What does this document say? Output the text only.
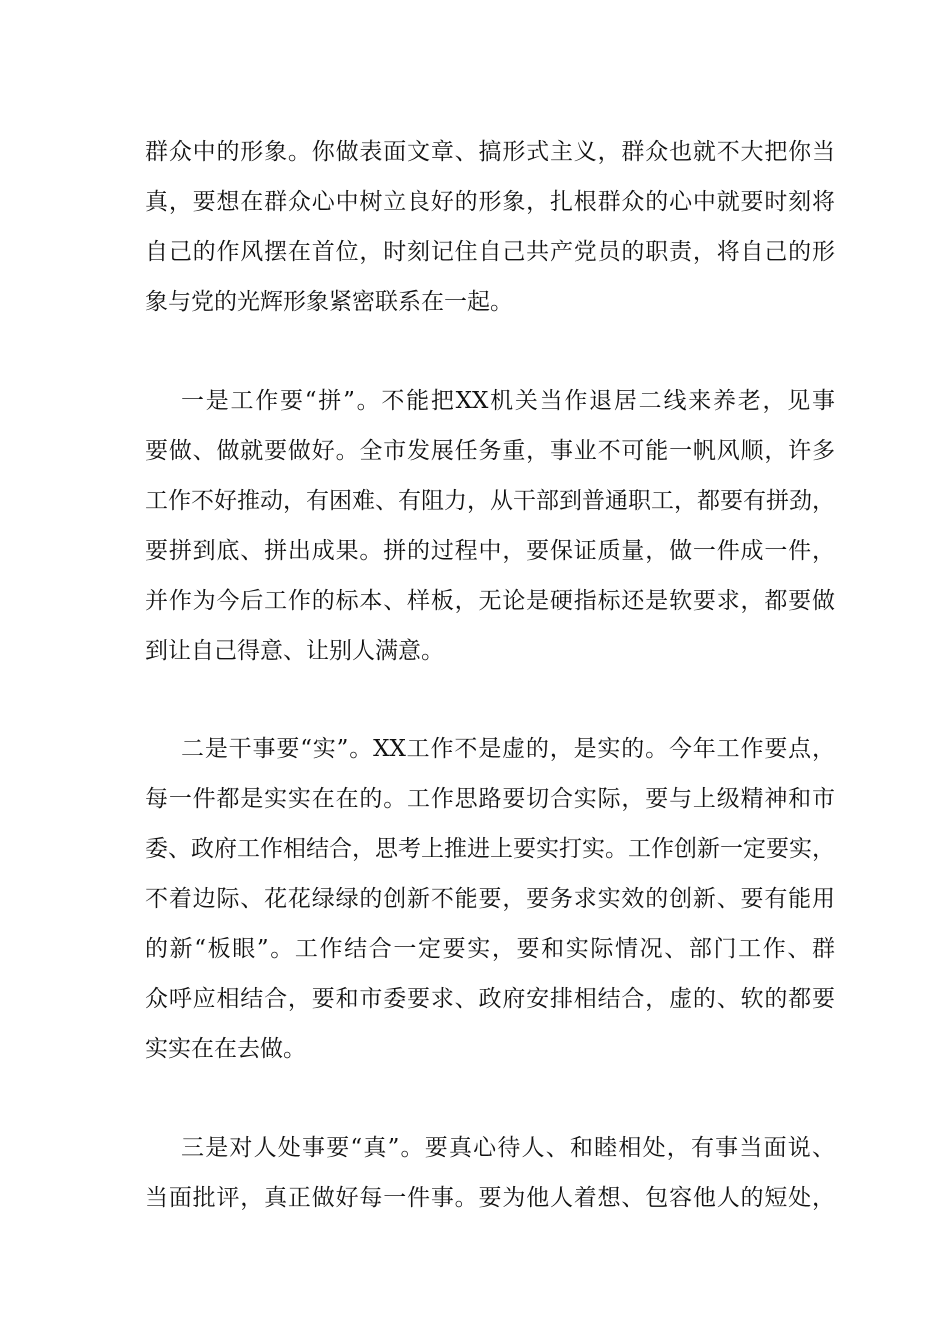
群众中的形象。你做表面文章、搞形式主义，群众也就不大把你当
真，要想在群众心中树立良好的形象，扎根群众的心中就要时刻将
自己的作风摆在首位，时刻记住自己共产党员的职责，将自己的形
象与党的光辉形象紧密联系在一起。
一是工作要“拼”。不能把XX机关当作退居二线来养老，见事
要做、做就要做好。全市发展任务重，事业不可能一帆风顺，许多
工作不好推动，有困难、有阻力，从干部到普通职工，都要有拼劲，
要拼到底、拼出成果。拼的过程中，要保证质量，做一件成一件，
并作为今后工作的标本、样板，无论是硬指标还是软要求，都要做
到让自己得意、让别人满意。
二是干事要“实”。XX工作不是虚的，是实的。今年工作要点，
每一件都是实实在在的。工作思路要切合实际，要与上级精神和市
委、政府工作相结合，思考上推进上要实打实。工作创新一定要实，
不着边际、花花绿绿的创新不能要，要务求实效的创新、要有能用
的新“板眼”。工作结合一定要实，要和实际情况、部门工作、群
众呼应相结合，要和市委要求、政府安排相结合，虚的、软的都要
实实在在去做。
三是对人处事要“真”。要真心待人、和睦相处，有事当面说、
当面批评，真正做好每一件事。要为他人着想、包容他人的短处，
